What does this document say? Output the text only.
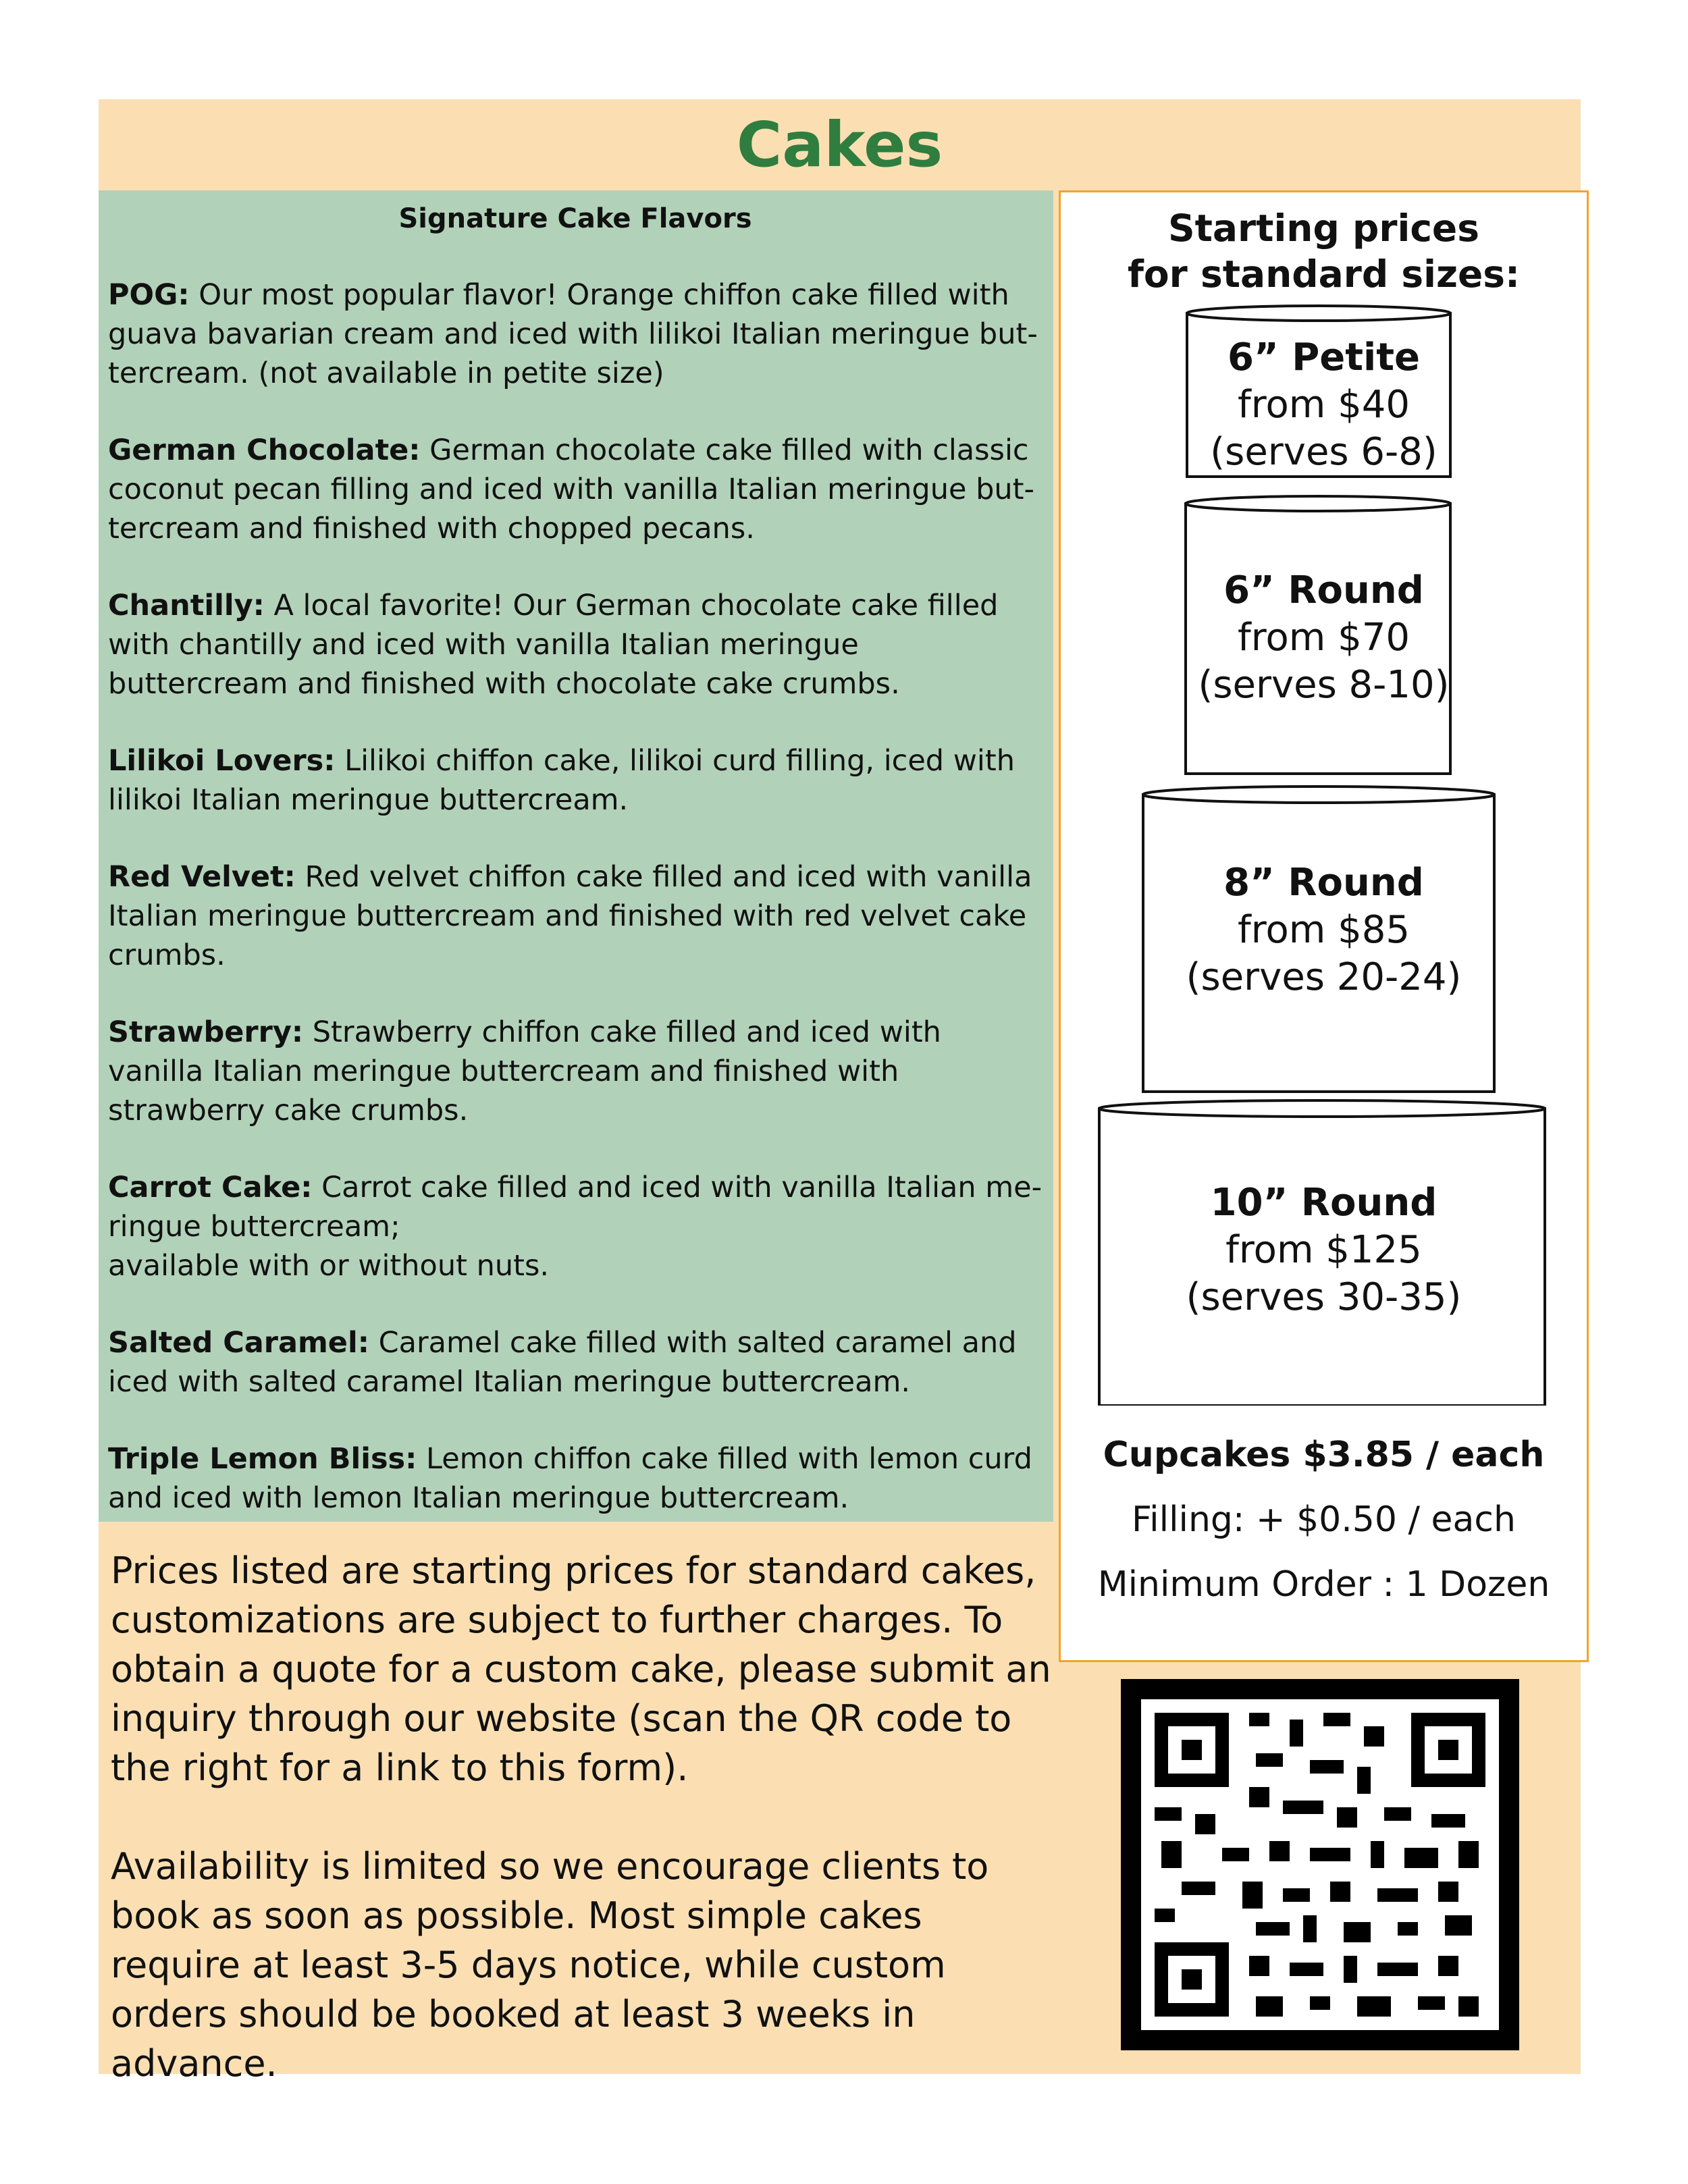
Cakes
Signature Cake Flavors
POG: Our most popular flavor! Orange chiffon cake filled with guava bavarian cream and iced with lilikoi Italian meringue but-tercream. (not available in petite size)
German Chocolate: German chocolate cake filled with classic coconut pecan filling and iced with vanilla Italian meringue but-tercream and finished with chopped pecans.
Chantilly: A local favorite! Our German chocolate cake filled with chantilly and iced with vanilla Italian meringue buttercream and finished with chocolate cake crumbs.
Lilikoi Lovers: Lilikoi chiffon cake, lilikoi curd filling, iced with lilikoi Italian meringue buttercream.
Red Velvet: Red velvet chiffon cake filled and iced with vanilla Italian meringue buttercream and finished with red velvet cake crumbs.
Strawberry: Strawberry chiffon cake filled and iced with vanilla Italian meringue buttercream and finished with strawberry cake crumbs.
Carrot Cake: Carrot cake filled and iced with vanilla Italian me-ringue buttercream;
available with or without nuts.
Salted Caramel: Caramel cake filled with salted caramel and iced with salted caramel Italian meringue buttercream.
Triple Lemon Bliss: Lemon chiffon cake filled with lemon curd and iced with lemon Italian meringue buttercream.

Prices listed are starting prices for standard cakes, customizations are subject to further charges. To obtain a quote for a custom cake, please submit an inquiry through our website (scan the QR code to the right for a link to this form).

Availability is limited so we encourage clients to book as soon as possible. Most simple cakes require at least 3-5 days notice, while custom orders should be booked at least 3 weeks in advance.

Starting prices
for standard sizes:
6” Petite
from $40
(serves 6-8)
6” Round
from $70
(serves 8-10)
8” Round
from $85
(serves 20-24)
10” Round
from $125
(serves 30-35)
Cupcakes $3.85 / each
Filling: + $0.50 / each
Minimum Order : 1 Dozen
